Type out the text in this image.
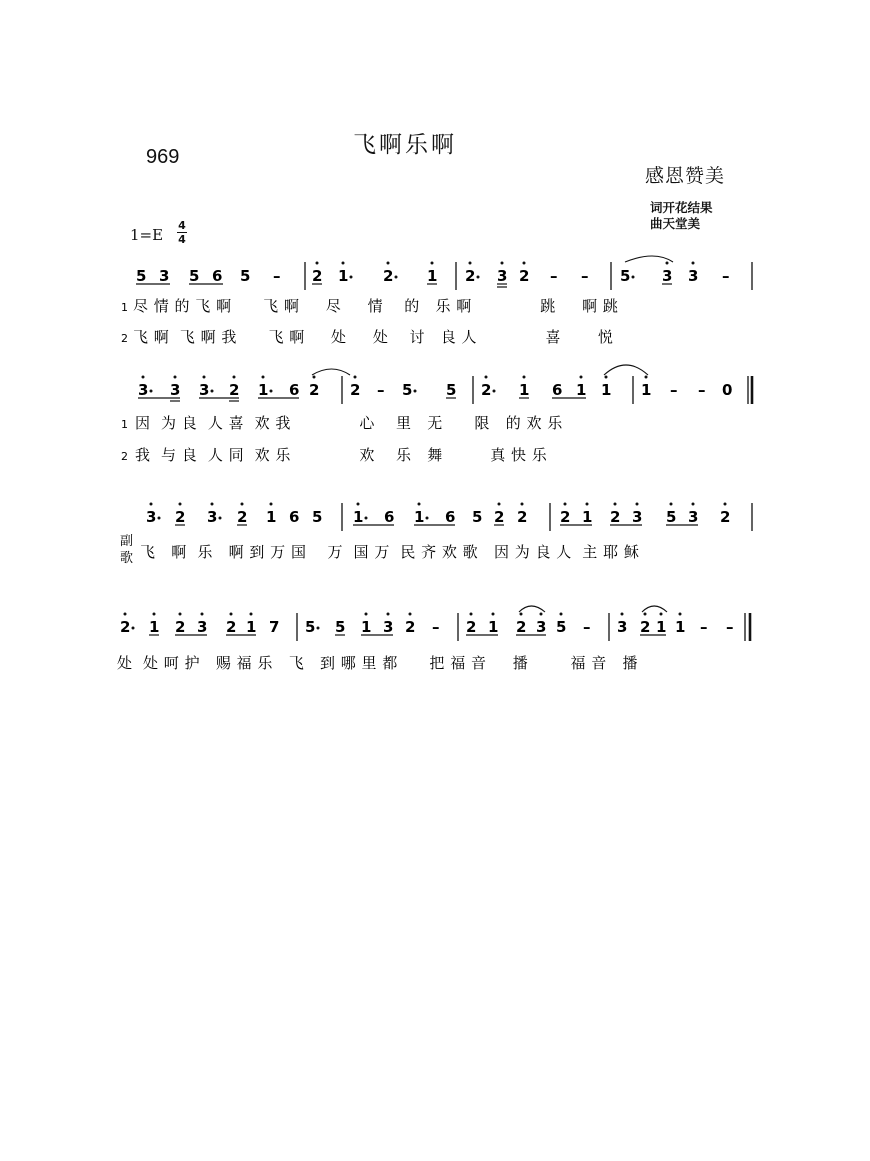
969	飞啊乐啊
感恩赞美
词开花结果
曲天堂美
1=E
4
4
5 3 5 6 5 – 2 1 2 1 2 3 2 – – 5 3 3 –
1 尽 情 的 飞 啊      飞 啊     尽     情    的   乐 啊             跳     啊 跳
2 飞 啊  飞 啊 我      飞 啊     处     处    讨   良 人             喜       悦
3 3 3 2 1 6 2 2 – 5 5 2 1 6 1 1 1 – – 0
1 因  为 良  人 喜  欢 我             心    里   无      限   的 欢 乐
2 我  与 良  人 同  欢 乐             欢    乐   舞         真 快 乐
3 2 3 2 1 6 5 1 6 1 6 5 2 2 2 1 2 3 5 3 2
副
歌 飞   啊  乐   啊 到 万 国    万  国 万  民 齐 欢 歌   因 为 良 人  主 耶 稣
2 1 2 3 2 1 7 5 5 1 3 2 – 2 1 2 3 5 – 3 2 1 1 – –
处  处 呵 护   赐 福 乐   飞   到 哪 里 都      把 福 音     播        福 音   播
